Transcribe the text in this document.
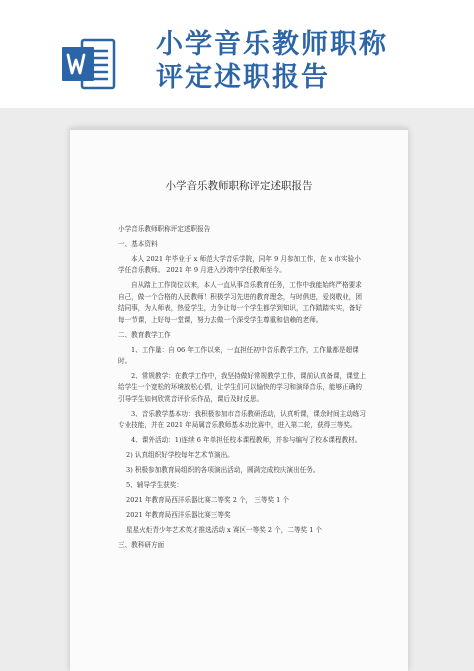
小学音乐教师职称
评定述职报告
小学音乐教师职称评定述职报告

小学音乐教师职称评定述职报告

一、基本资料

本人 2021 年毕业于 x 师范大学音乐学院，同年 9 月参加工作，在 x 市实验小学任音乐教师。 2021 年 9 月进入沙湾中学任教师至今。

自从踏上工作岗位以来，本人一直从事音乐教育任务，工作中我能始终严格要求自己，做一个合格的人民教师！积极学习先进的教育理念，与时俱进，爱岗敬业，团结同事，为人师表，热爱学生，力争让每一个学生都学到知识，工作踏踏实实，备好每一节课，上好每一堂课，努力去做一个深受学生尊重和信赖的老师。

二、教育教学工作

1、工作量：自 06 年工作以来，一直担任初中音乐教学工作，工作量都是超课时。

2、常规教学：在教学工作中，我坚持做好常规教学工作，课前认真备课，课堂上给学生一个宽松的环境放松心情，让学生们可以愉快的学习和演绎音乐，能够正确的引导学生如何欣赏音评价乐作品，课后及时反思。

3、音乐教学基本功：我积极参加市音乐教研活动，认真听课，课余时间主动练习专业技能，并在 2021 年局属音乐教师基本功比赛中，进入第二轮，获得三等奖。

4、课外活动：1)连续 6 年单担任校本课程教师，并参与编写了校本课程教材。

2) 认真组织好学校每年艺术节演出。

3) 积极参加教育局组织的各项演出活动，圆满完成校庆演出任务。

5、辅导学生获奖：

2021 年教育局西洋乐器比赛二等奖 2 个， 三等奖 1 个

2021 年教育局西洋乐器比赛三等奖

星星火炬青少年艺术英才推选活动 x 赛区一等奖 2 个，二等奖 1 个

三、教科研方面
